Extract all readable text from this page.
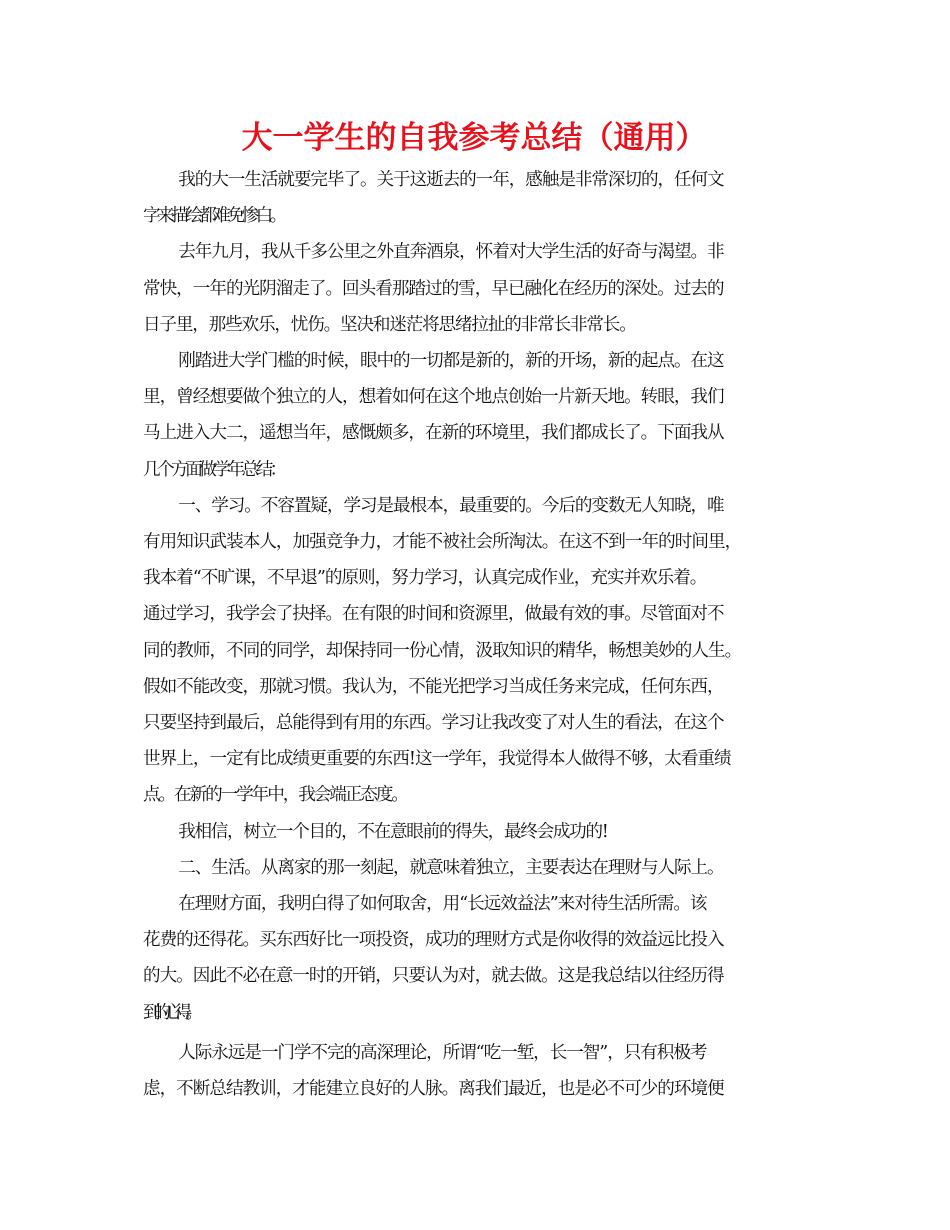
大一学生的自我参考总结（通用）

我的大一生活就要完毕了。关于这逝去的一年，感触是非常深切的，任何文
字来描绘都难免惨白。

去年九月，我从千多公里之外直奔酒泉，怀着对大学生活的好奇与渴望。非
常快，一年的光阴溜走了。回头看那踏过的雪，早已融化在经历的深处。过去的
日子里，那些欢乐，忧伤。坚决和迷茫将思绪拉扯的非常长非常长。

刚踏进大学门槛的时候，眼中的一切都是新的，新的开场，新的起点。在这
里，曾经想要做个独立的人，想着如何在这个地点创始一片新天地。转眼，我们
马上进入大二，遥想当年，感慨颇多，在新的环境里，我们都成长了。下面我从
几个方面做学年总结：

一、学习。不容置疑，学习是最根本，最重要的。今后的变数无人知晓，唯
有用知识武装本人，加强竞争力，才能不被社会所淘汰。在这不到一年的时间里，
我本着“不旷课，不早退”的原则，努力学习，认真完成作业，充实并欢乐着。
通过学习，我学会了抉择。在有限的时间和资源里，做最有效的事。尽管面对不
同的教师，不同的同学，却保持同一份心情，汲取知识的精华，畅想美妙的人生。
假如不能改变，那就习惯。我认为，不能光把学习当成任务来完成，任何东西，
只要坚持到最后，总能得到有用的东西。学习让我改变了对人生的看法，在这个
世界上，一定有比成绩更重要的东西!这一学年，我觉得本人做得不够，太看重绩
点。在新的一学年中，我会端正态度。

我相信，树立一个目的，不在意眼前的得失，最终会成功的!

二、生活。从离家的那一刻起，就意味着独立，主要表达在理财与人际上。

在理财方面，我明白得了如何取舍，用“长远效益法”来对待生活所需。该
花费的还得花。买东西好比一项投资，成功的理财方式是你收得的效益远比投入
的大。因此不必在意一时的开销，只要认为对，就去做。这是我总结以往经历得
到的心得。

人际永远是一门学不完的高深理论，所谓“吃一堑，长一智”，只有积极考
虑，不断总结教训，才能建立良好的人脉。离我们最近，也是必不可少的环境便
